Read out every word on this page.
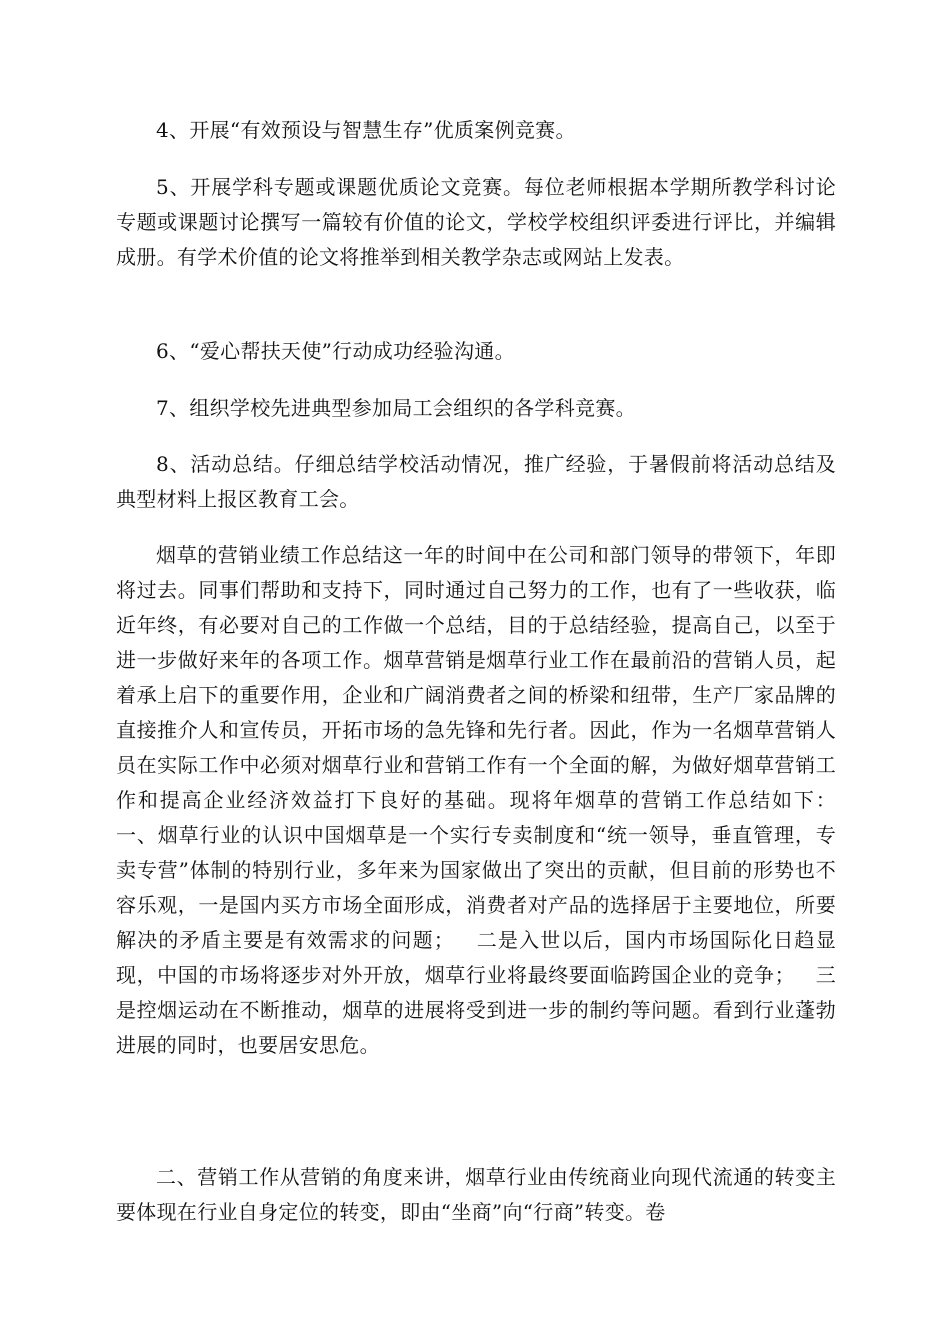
4、开展“有效预设与智慧生存”优质案例竞赛。

5、开展学科专题或课题优质论文竞赛。每位老师根据本学期所教学科讨论专题或课题讨论撰写一篇较有价值的论文，学校学校组织评委进行评比，并编辑成册。有学术价值的论文将推举到相关教学杂志或网站上发表。

6、“爱心帮扶天使”行动成功经验沟通。

7、组织学校先进典型参加局工会组织的各学科竞赛。

8、活动总结。仔细总结学校活动情况，推广经验，于暑假前将活动总结及典型材料上报区教育工会。

烟草的营销业绩工作总结这一年的时间中在公司和部门领导的带领下，年即将过去。同事们帮助和支持下，同时通过自己努力的工作，也有了一些收获，临近年终，有必要对自己的工作做一个总结，目的于总结经验，提高自己，以至于进一步做好来年的各项工作。烟草营销是烟草行业工作在最前沿的营销人员，起着承上启下的重要作用，企业和广阔消费者之间的桥梁和纽带，生产厂家品牌的直接推介人和宣传员，开拓市场的急先锋和先行者。因此，作为一名烟草营销人员在实际工作中必须对烟草行业和营销工作有一个全面的解，为做好烟草营销工作和提高企业经济效益打下良好的基础。现将年烟草的营销工作总结如下：   一、烟草行业的认识中国烟草是一个实行专卖制度和“统一领导，垂直管理，专卖专营”体制的特别行业，多年来为国家做出了突出的贡献，但目前的形势也不容乐观，一是国内买方市场全面形成，消费者对产品的选择居于主要地位，所要解决的矛盾主要是有效需求的问题；   二是入世以后，国内市场国际化日趋显现，中国的市场将逐步对外开放，烟草行业将最终要面临跨国企业的竞争；   三是控烟运动在不断推动，烟草的进展将受到进一步的制约等问题。看到行业蓬勃进展的同时，也要居安思危。

二、营销工作从营销的角度来讲，烟草行业由传统商业向现代流通的转变主要体现在行业自身定位的转变，即由“坐商”向“行商”转变。卷
